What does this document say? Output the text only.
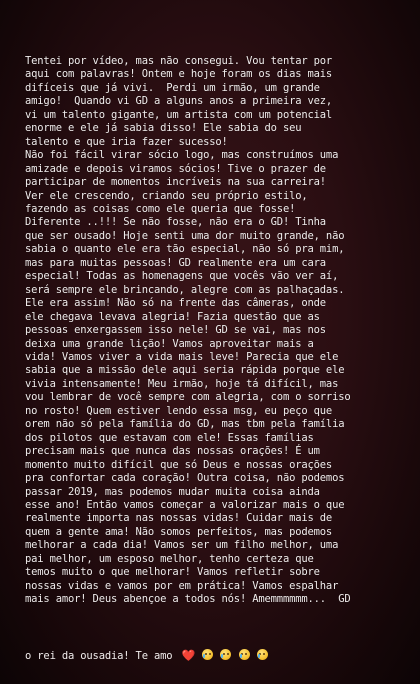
Tentei por vídeo, mas não consegui. Vou tentar por
aqui com palavras! Ontem e hoje foram os dias mais
difíceis que já vivi.  Perdi um irmão, um grande
amigo!  Quando vi GD a alguns anos a primeira vez,
vi um talento gigante, um artista com um potencial
enorme e ele já sabia disso! Ele sabia do seu
talento e que iria fazer sucesso!
Não foi fácil virar sócio logo, mas construímos uma
amizade e depois viramos sócios! Tive o prazer de
participar de momentos incríveis na sua carreira!
Ver ele crescendo, criando seu próprio estilo,
fazendo as coisas como ele queria que fosse!
Diferente ..!!! Se não fosse, não era o GD! Tinha
que ser ousado! Hoje senti uma dor muito grande, não
sabia o quanto ele era tão especial, não só pra mim,
mas para muitas pessoas! GD realmente era um cara
especial! Todas as homenagens que vocês vão ver aí,
será sempre ele brincando, alegre com as palhaçadas.
Ele era assim! Não só na frente das câmeras, onde
ele chegava levava alegria! Fazia questão que as
pessoas enxergassem isso nele! GD se vai, mas nos
deixa uma grande lição! Vamos aproveitar mais a
vida! Vamos viver a vida mais leve! Parecia que ele
sabia que a missão dele aqui seria rápida porque ele
vivia intensamente! Meu irmão, hoje tá difícil, mas
vou lembrar de você sempre com alegria, com o sorriso
no rosto! Quem estiver lendo essa msg, eu peço que
orem não só pela família do GD, mas tbm pela família
dos pilotos que estavam com ele! Essas famílias
precisam mais que nunca das nossas orações! É um
momento muito difícil que só Deus e nossas orações
pra confortar cada coração! Outra coisa, não podemos
passar 2019, mas podemos mudar muita coisa ainda
esse ano! Então vamos começar a valorizar mais o que
realmente importa nas nossas vidas! Cuidar mais de
quem a gente ama! Não somos perfeitos, mas podemos
melhorar a cada dia! Vamos ser um filho melhor, uma
pai melhor, um esposo melhor, tenho certeza que
temos muito o que melhorar! Vamos refletir sobre
nossas vidas e vamos por em prática! Vamos espalhar
mais amor! Deus abençoe a todos nós! Amemmmmmm...  GD

o rei da ousadia! Te amo ❤️
